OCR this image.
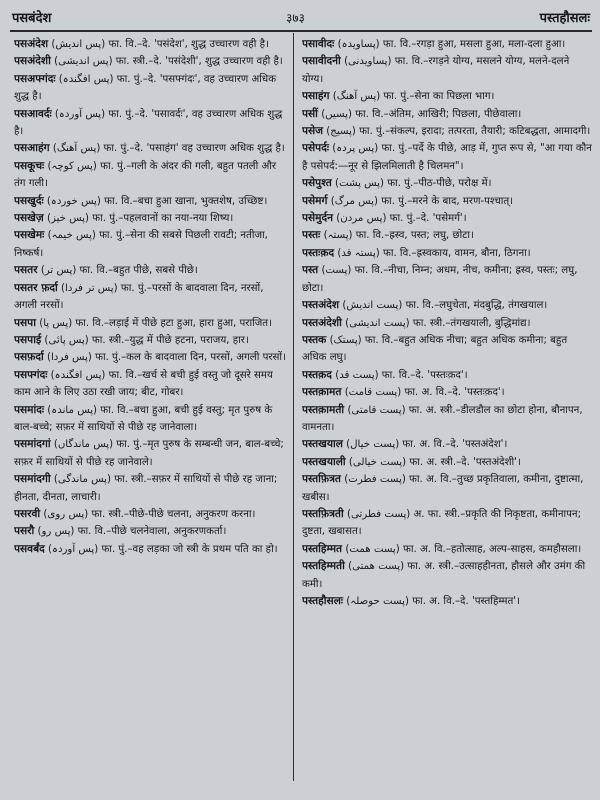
पसबंदेश	३७३	पस्तहौसलः
पसअंदेश (پس اندیش) फा. वि.–दे. 'पसंदेश', शुद्ध उच्चारण वही है।
पसअंदेशी (پس اندیشی) फा. स्त्री.–दे. 'पसंदेशी', शुद्ध उच्चारण वही है।
पसअफ्गंदः (پس افگندہ) फा. पुं.–दे. 'पसफ्गंदः', वह उच्चारण अधिक शुद्ध है।
पसआवर्दः (پس آوردہ) फा. पुं.–दे. 'पसावर्दः', वह उच्चारण अधिक शुद्ध है।
पसआहंग (پس آهنگ) फा. पुं.–दे. 'पसाहंग' वह उच्चारण अधिक शुद्ध है।
पसकूचः (پس کوچہ) फा. पुं.–गली के अंदर की गली, बहुत पतली और तंग गली।
पसखुर्दः (پس خوردہ) फा. वि.–बचा हुआ खाना, भुक्तशेष, उच्छिष्ट।
पसखेज़ (پس خیز) फा. पुं.–पहलवानों का नया-नया शिष्य।
पसखेमः (پس خیمہ) फा. पुं.–सेना की सबसे पिछली रावटी; नतीजा, निष्कर्ष।
पसतर (پس تر) फा. वि.–बहुत पीछे, सबसे पीछे।
पसतर फ़र्दा (پس تر فردا) फा. पुं.–परसों के बादवाला दिन, नरसों, अगली नरसों।
पसपा (پس پا) फा. वि.–लड़ाई में पीछे हटा हुआ, हारा हुआ, पराजित।
पसपाई (پس پائی) फा. स्त्री.–युद्ध में पीछे हटना, पराजय, हार।
पसफ़र्दा (پس فردا) फा. पुं.–कल के बादवाला दिन, परसों, अगली परसों।
पसफ्गंदः (پس افگندہ) फा. वि.–खर्च से बची हुई वस्तु जो दूसरे समय काम आने के लिए उठा रखी जाय; बीट, गोबर।
पसमांदः (پس ماندہ) फा. वि.–बचा हुआ, बची हुई वस्तु; मृत पुरुष के बाल-बच्चे; सफ़र में साथियों से पीछे रह जानेवाला।
पसमांदगां (پس ماندگاں) फा. पुं.–मृत पुरुष के सम्बन्धी जन, बाल-बच्चे; सफ़र में साथियों से पीछे रह जानेवाले।
पसमांदगी (پس ماندگی) फा. स्त्री.–सफ़र में साथियों से पीछे रह जाना; हीनता, दीनता, लाचारी।
पसरवी (پس روی) फा. स्त्री.–पीछे-पीछे चलना, अनुकरण करना।
पसरौ (پس رو) फा. वि.–पीछे चलनेवाला, अनुकरणकर्ता।
पसवर्बंद (پس آوردہ) फा. पुं.–वह लड़का जो स्त्री के प्रथम पति का हो।
पसावीदः (پساویدہ) फा. वि.–रगड़ा हुआ, मसला हुआ, मला-दला हुआ।
पसावीदनी (پساویدنی) फा. वि.–रगड़ने योग्य, मसलने योग्य, मलने-दलने योग्य।
पसाहंग (پس آهنگ) फा. पुं.–सेना का पिछला भाग।
पसीं (پسیں) फा. वि.–अंतिम, आखिरी; पिछला, पीछेवाला।
पसेज (پسیج) फा. पुं.–संकल्प, इरादा; तत्परता, तैयारी; कटिबद्धता, आमादगी।
पसेपर्दः (پس پردہ) फा. पुं.–पर्दे के पीछे, आड़ में, गुप्त रूप से, "आ गया कौन है पसेपर्द:—नूर से झिलमिलाती है चिलमन"।
पसेपुश्त (پس پشت) फा. पुं.–पीठ-पीछे, परोक्ष में।
पसेमर्ग (پس مرگ) फा. पुं.–मरने के बाद, मरण-पश्चात्।
पसेमुर्दन (پس مردن) फा. पुं.–दे. 'पसेमर्ग'।
पस्तः (پستہ) फा. वि.–ह्रस्व, पस्त; लघु, छोटा।
पस्तःक़द (پستہ قد) फा. वि.–ह्रस्वकाय, वामन, बौना, ठिगना।
पस्त (پست) फा. वि.–नीचा, निम्न; अधम, नीच, कमीना; ह्रस्व, पस्तः; लघु, छोटा।
पस्तअंदेश (پست اندیش) फा. वि.–लघुचेता, मंदबुद्धि, तंगखयाल।
पस्तअंदेशी (پست اندیشی) फा. स्त्री.–तंगखयाली, बुद्धिमांद्य।
पस्तक (پستک) फा. वि.–बहुत अधिक नीचा; बहुत अधिक कमीना; बहुत अधिक लघु।
पस्तक़द (پست قد) फा. वि.–दे. 'पस्तःक़द'।
पस्तक़ामत (پست قامت) फा. अ. वि.–दे. 'पस्तःक़द'।
पस्तक़ामती (پست قامتی) फा. अ. स्त्री.–डीलडौल का छोटा होना, बौनापन, वामनता।
पस्तखयाल (پست خیال) फा. अ. वि.–दे. 'पस्तअंदेश'।
पस्तखयाली (پست خیالی) फा. अ. स्त्री.–दे. 'पस्तअंदेशी'।
पस्तफ़ित्रत (پست فطرت) फा. अ. वि.–तुच्छ प्रकृतिवाला, कमीना, दुष्टात्मा, खबीस।
पस्तफ़ित्रती (پست فطرتی) अ. फा. स्त्री.–प्रकृति की निकृष्टता, कमीनापन; दुष्टता, खबासत।
पस्तहिम्मत (پست همت) फा. अ. वि.–हतोत्साह, अल्प-साहस, कमहौसला।
पस्तहिम्मती (پست همتی) फा. अ. स्त्री.–उत्साहहीनता, हौसले और उमंग की कमी।
पस्तहौसलः (پست حوصلہ) फा. अ. वि.–दे. 'पस्तहिम्मत'।
